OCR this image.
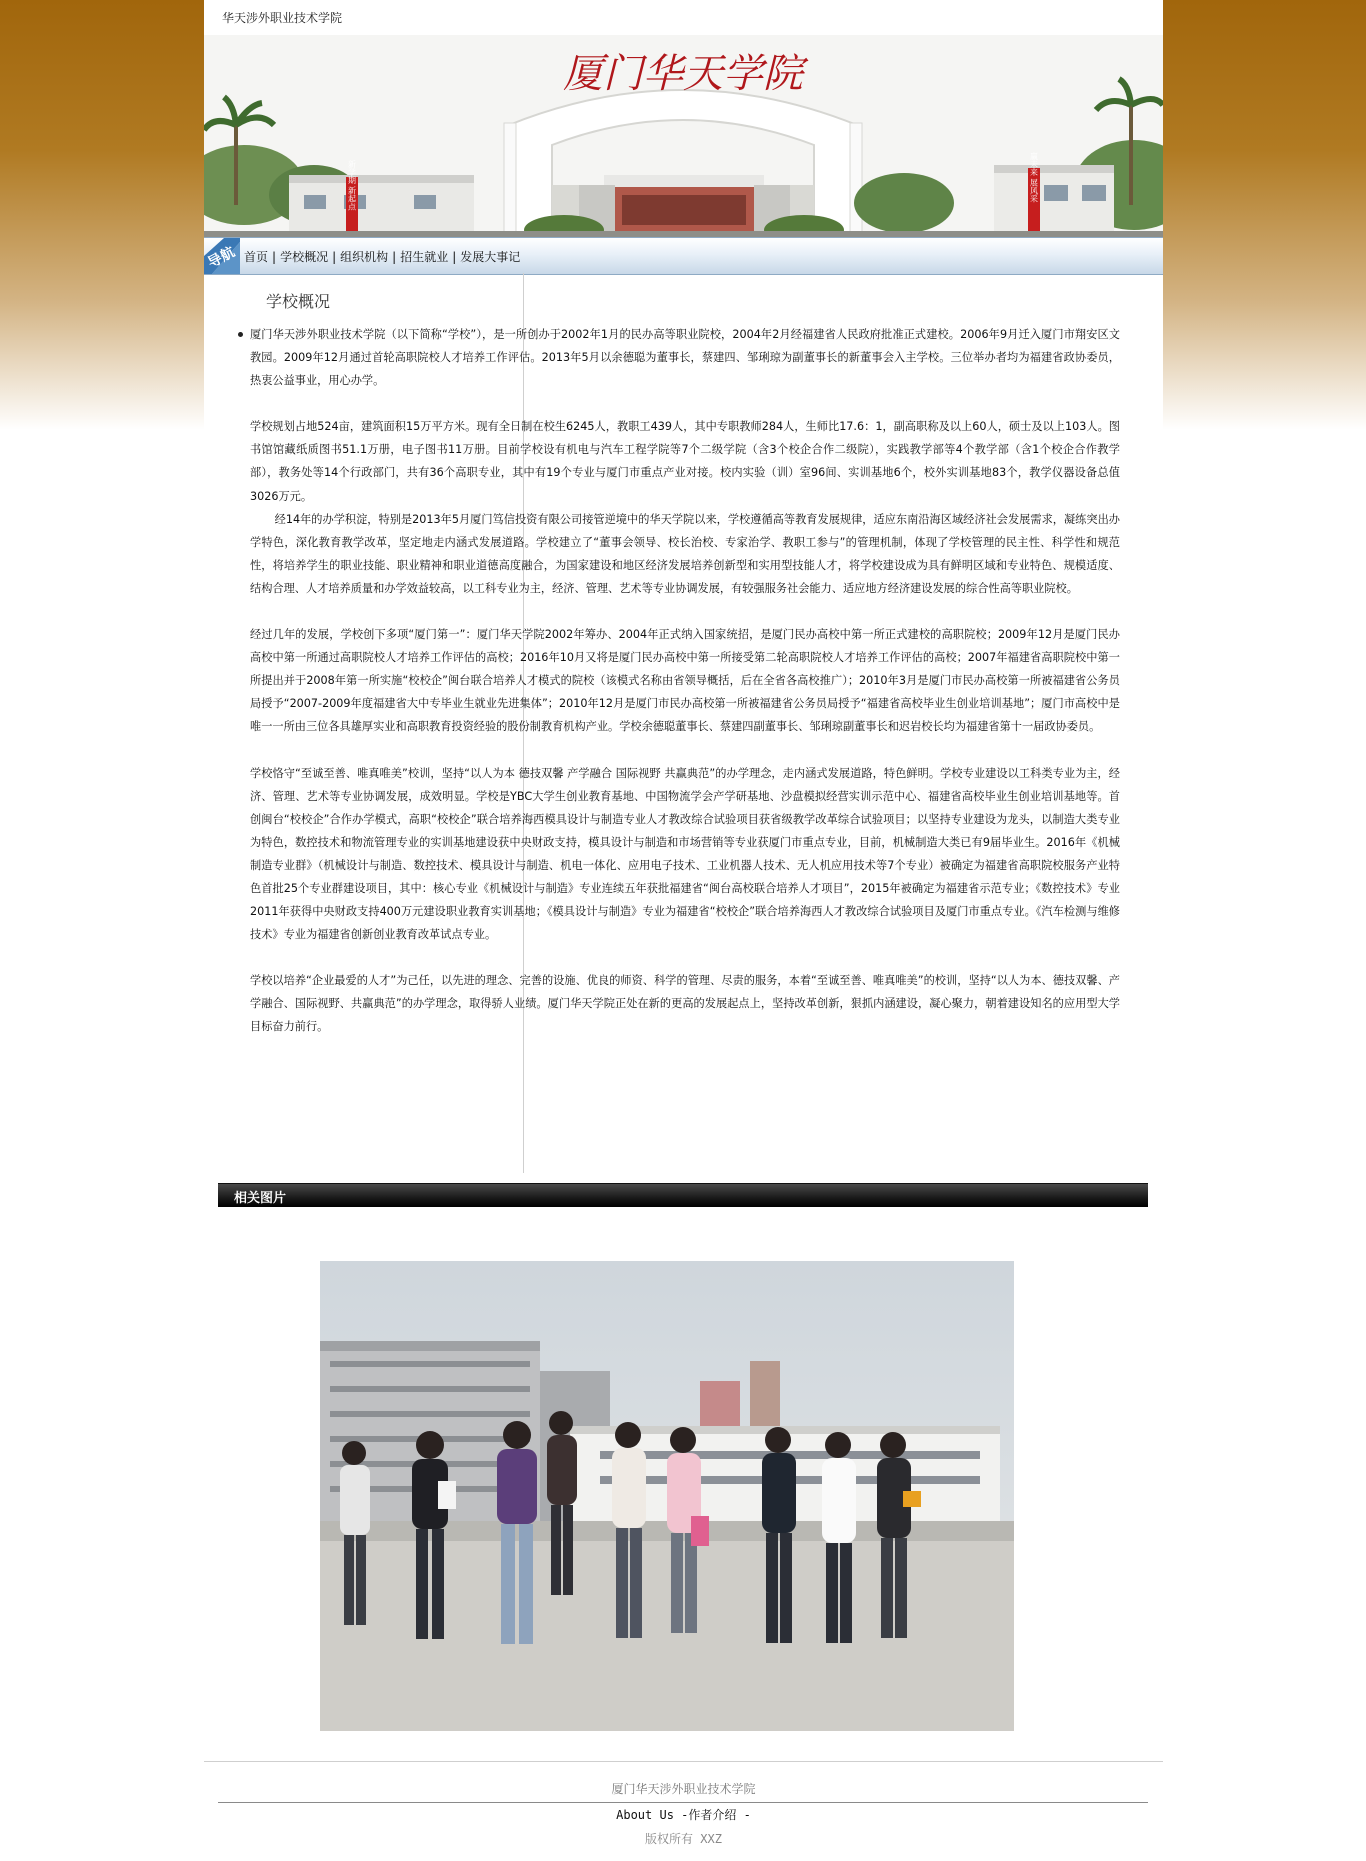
华天涉外职业技术学院
新学期 新起点
厦门华天学院
赢未来 展风采
导航 首页 | 学校概况 | 组织机构 | 招生就业 | 发展大事记
学校概况

厦门华天涉外职业技术学院（以下简称“学校”），是一所创办于2002年1月的民办高等职业院校，2004年2月经福建省人民政府批准正式建校。2006年9月迁入厦门市翔安区文教园。2009年12月通过首轮高职院校人才培养工作评估。2013年5月以余德聪为董事长，蔡建四、邹琍琼为副董事长的新董事会入主学校。三位举办者均为福建省政协委员，热衷公益事业，用心办学。

学校规划占地524亩，建筑面积15万平方米。现有全日制在校生6245人，教职工439人，其中专职教师284人，生师比17.6：1，副高职称及以上60人，硕士及以上103人。图书馆馆藏纸质图书51.1万册，电子图书11万册。目前学校设有机电与汽车工程学院等7个二级学院（含3个校企合作二级院），实践教学部等4个教学部（含1个校企合作教学部），教务处等14个行政部门，共有36个高职专业，其中有19个专业与厦门市重点产业对接。校内实验（训）室96间、实训基地6个，校外实训基地83个，教学仪器设备总值3026万元。

经14年的办学积淀，特别是2013年5月厦门笃信投资有限公司接管逆境中的华天学院以来，学校遵循高等教育发展规律，适应东南沿海区域经济社会发展需求，凝练突出办学特色，深化教育教学改革，坚定地走内涵式发展道路。学校建立了“董事会领导、校长治校、专家治学、教职工参与”的管理机制，体现了学校管理的民主性、科学性和规范性，将培养学生的职业技能、职业精神和职业道德高度融合，为国家建设和地区经济发展培养创新型和实用型技能人才，将学校建设成为具有鲜明区域和专业特色、规模适度、结构合理、人才培养质量和办学效益较高，以工科专业为主，经济、管理、艺术等专业协调发展，有较强服务社会能力、适应地方经济建设发展的综合性高等职业院校。

经过几年的发展，学校创下多项“厦门第一”：厦门华天学院2002年筹办、2004年正式纳入国家统招，是厦门民办高校中第一所正式建校的高职院校；2009年12月是厦门民办高校中第一所通过高职院校人才培养工作评估的高校；2016年10月又将是厦门民办高校中第一所接受第二轮高职院校人才培养工作评估的高校；2007年福建省高职院校中第一所提出并于2008年第一所实施“校校企”闽台联合培养人才模式的院校（该模式名称由省领导概括，后在全省各高校推广）；2010年3月是厦门市民办高校第一所被福建省公务员局授予“2007-2009年度福建省大中专毕业生就业先进集体”；2010年12月是厦门市民办高校第一所被福建省公务员局授予“福建省高校毕业生创业培训基地”；厦门市高校中是唯一一所由三位各具雄厚实业和高职教育投资经验的股份制教育机构产业。学校余德聪董事长、蔡建四副董事长、邹琍琼副董事长和迟岩校长均为福建省第十一届政协委员。

学校恪守“至诚至善、唯真唯美”校训，坚持“以人为本 德技双馨 产学融合 国际视野 共赢典范”的办学理念，走内涵式发展道路，特色鲜明。学校专业建设以工科类专业为主，经济、管理、艺术等专业协调发展，成效明显。学校是YBC大学生创业教育基地、中国物流学会产学研基地、沙盘模拟经营实训示范中心、福建省高校毕业生创业培训基地等。首创闽台“校校企”合作办学模式，高职“校校企”联合培养海西模具设计与制造专业人才教改综合试验项目获省级教学改革综合试验项目；以坚持专业建设为龙头，以制造大类专业为特色，数控技术和物流管理专业的实训基地建设获中央财政支持，模具设计与制造和市场营销等专业获厦门市重点专业，目前，机械制造大类已有9届毕业生。2016年《机械制造专业群》（机械设计与制造、数控技术、模具设计与制造、机电一体化、应用电子技术、工业机器人技术、无人机应用技术等7个专业）被确定为福建省高职院校服务产业特色首批25个专业群建设项目，其中：核心专业《机械设计与制造》专业连续五年获批福建省“闽台高校联合培养人才项目”，2015年被确定为福建省示范专业；《数控技术》专业2011年获得中央财政支持400万元建设职业教育实训基地；《模具设计与制造》专业为福建省“校校企”联合培养海西人才教改综合试验项目及厦门市重点专业。《汽车检测与维修技术》专业为福建省创新创业教育改革试点专业。

学校以培养“企业最爱的人才”为己任，以先进的理念、完善的设施、优良的师资、科学的管理、尽责的服务，本着“至诚至善、唯真唯美”的校训，坚持“以人为本、德技双馨、产学融合、国际视野、共赢典范”的办学理念，取得骄人业绩。厦门华天学院正处在新的更高的发展起点上，坚持改革创新，狠抓内涵建设，凝心聚力，朝着建设知名的应用型大学目标奋力前行。

相关图片
厦门华天涉外职业技术学院
About Us -作者介绍 -
版权所有 XXZ
